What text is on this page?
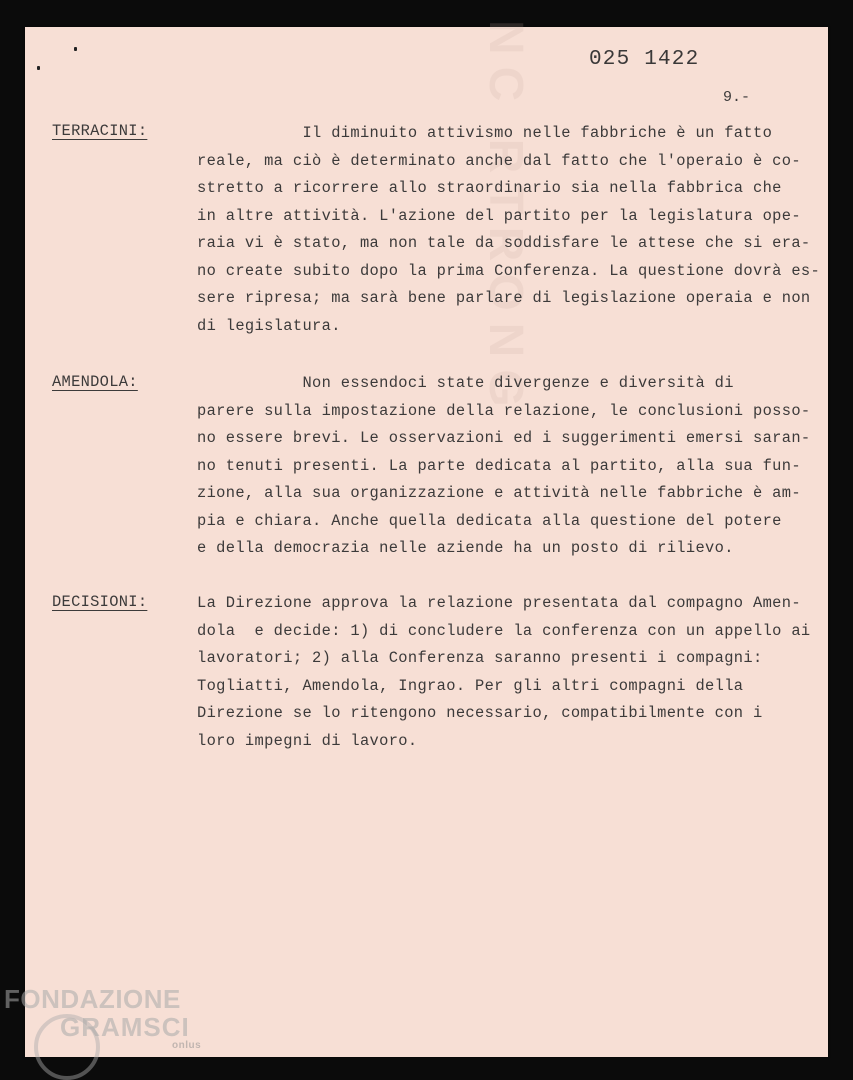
NC RTRONG	025 1422
9.-
TERRACINI:	Il diminuito attivismo nelle fabbriche è un fatto
reale, ma ciò è determinato anche dal fatto che l'operaio è co-
stretto a ricorrere allo straordinario sia nella fabbrica che
in altre attività. L'azione del partito per la legislatura ope-
raia vi è stato, ma non tale da soddisfare le attese che si era-
no create subito dopo la prima Conferenza. La questione dovrà es-
sere ripresa; ma sarà bene parlare di legislazione operaia e non
di legislatura.
AMENDOLA:	Non essendoci state divergenze e diversità di
parere sulla impostazione della relazione, le conclusioni posso-
no essere brevi. Le osservazioni ed i suggerimenti emersi saran-
no tenuti presenti. La parte dedicata al partito, alla sua fun-
zione, alla sua organizzazione e attività nelle fabbriche è am-
pia e chiara. Anche quella dedicata alla questione del potere
e della democrazia nelle aziende ha un posto di rilievo.
DECISIONI:	La Direzione approva la relazione presentata dal compagno Amen-
dola  e decide: 1) di concludere la conferenza con un appello ai
lavoratori; 2) alla Conferenza saranno presenti i compagni:
Togliatti, Amendola, Ingrao. Per gli altri compagni della
Direzione se lo ritengono necessario, compatibilmente con i
loro impegni di lavoro.
FONDAZIONE
GRAMSCI
onlus
